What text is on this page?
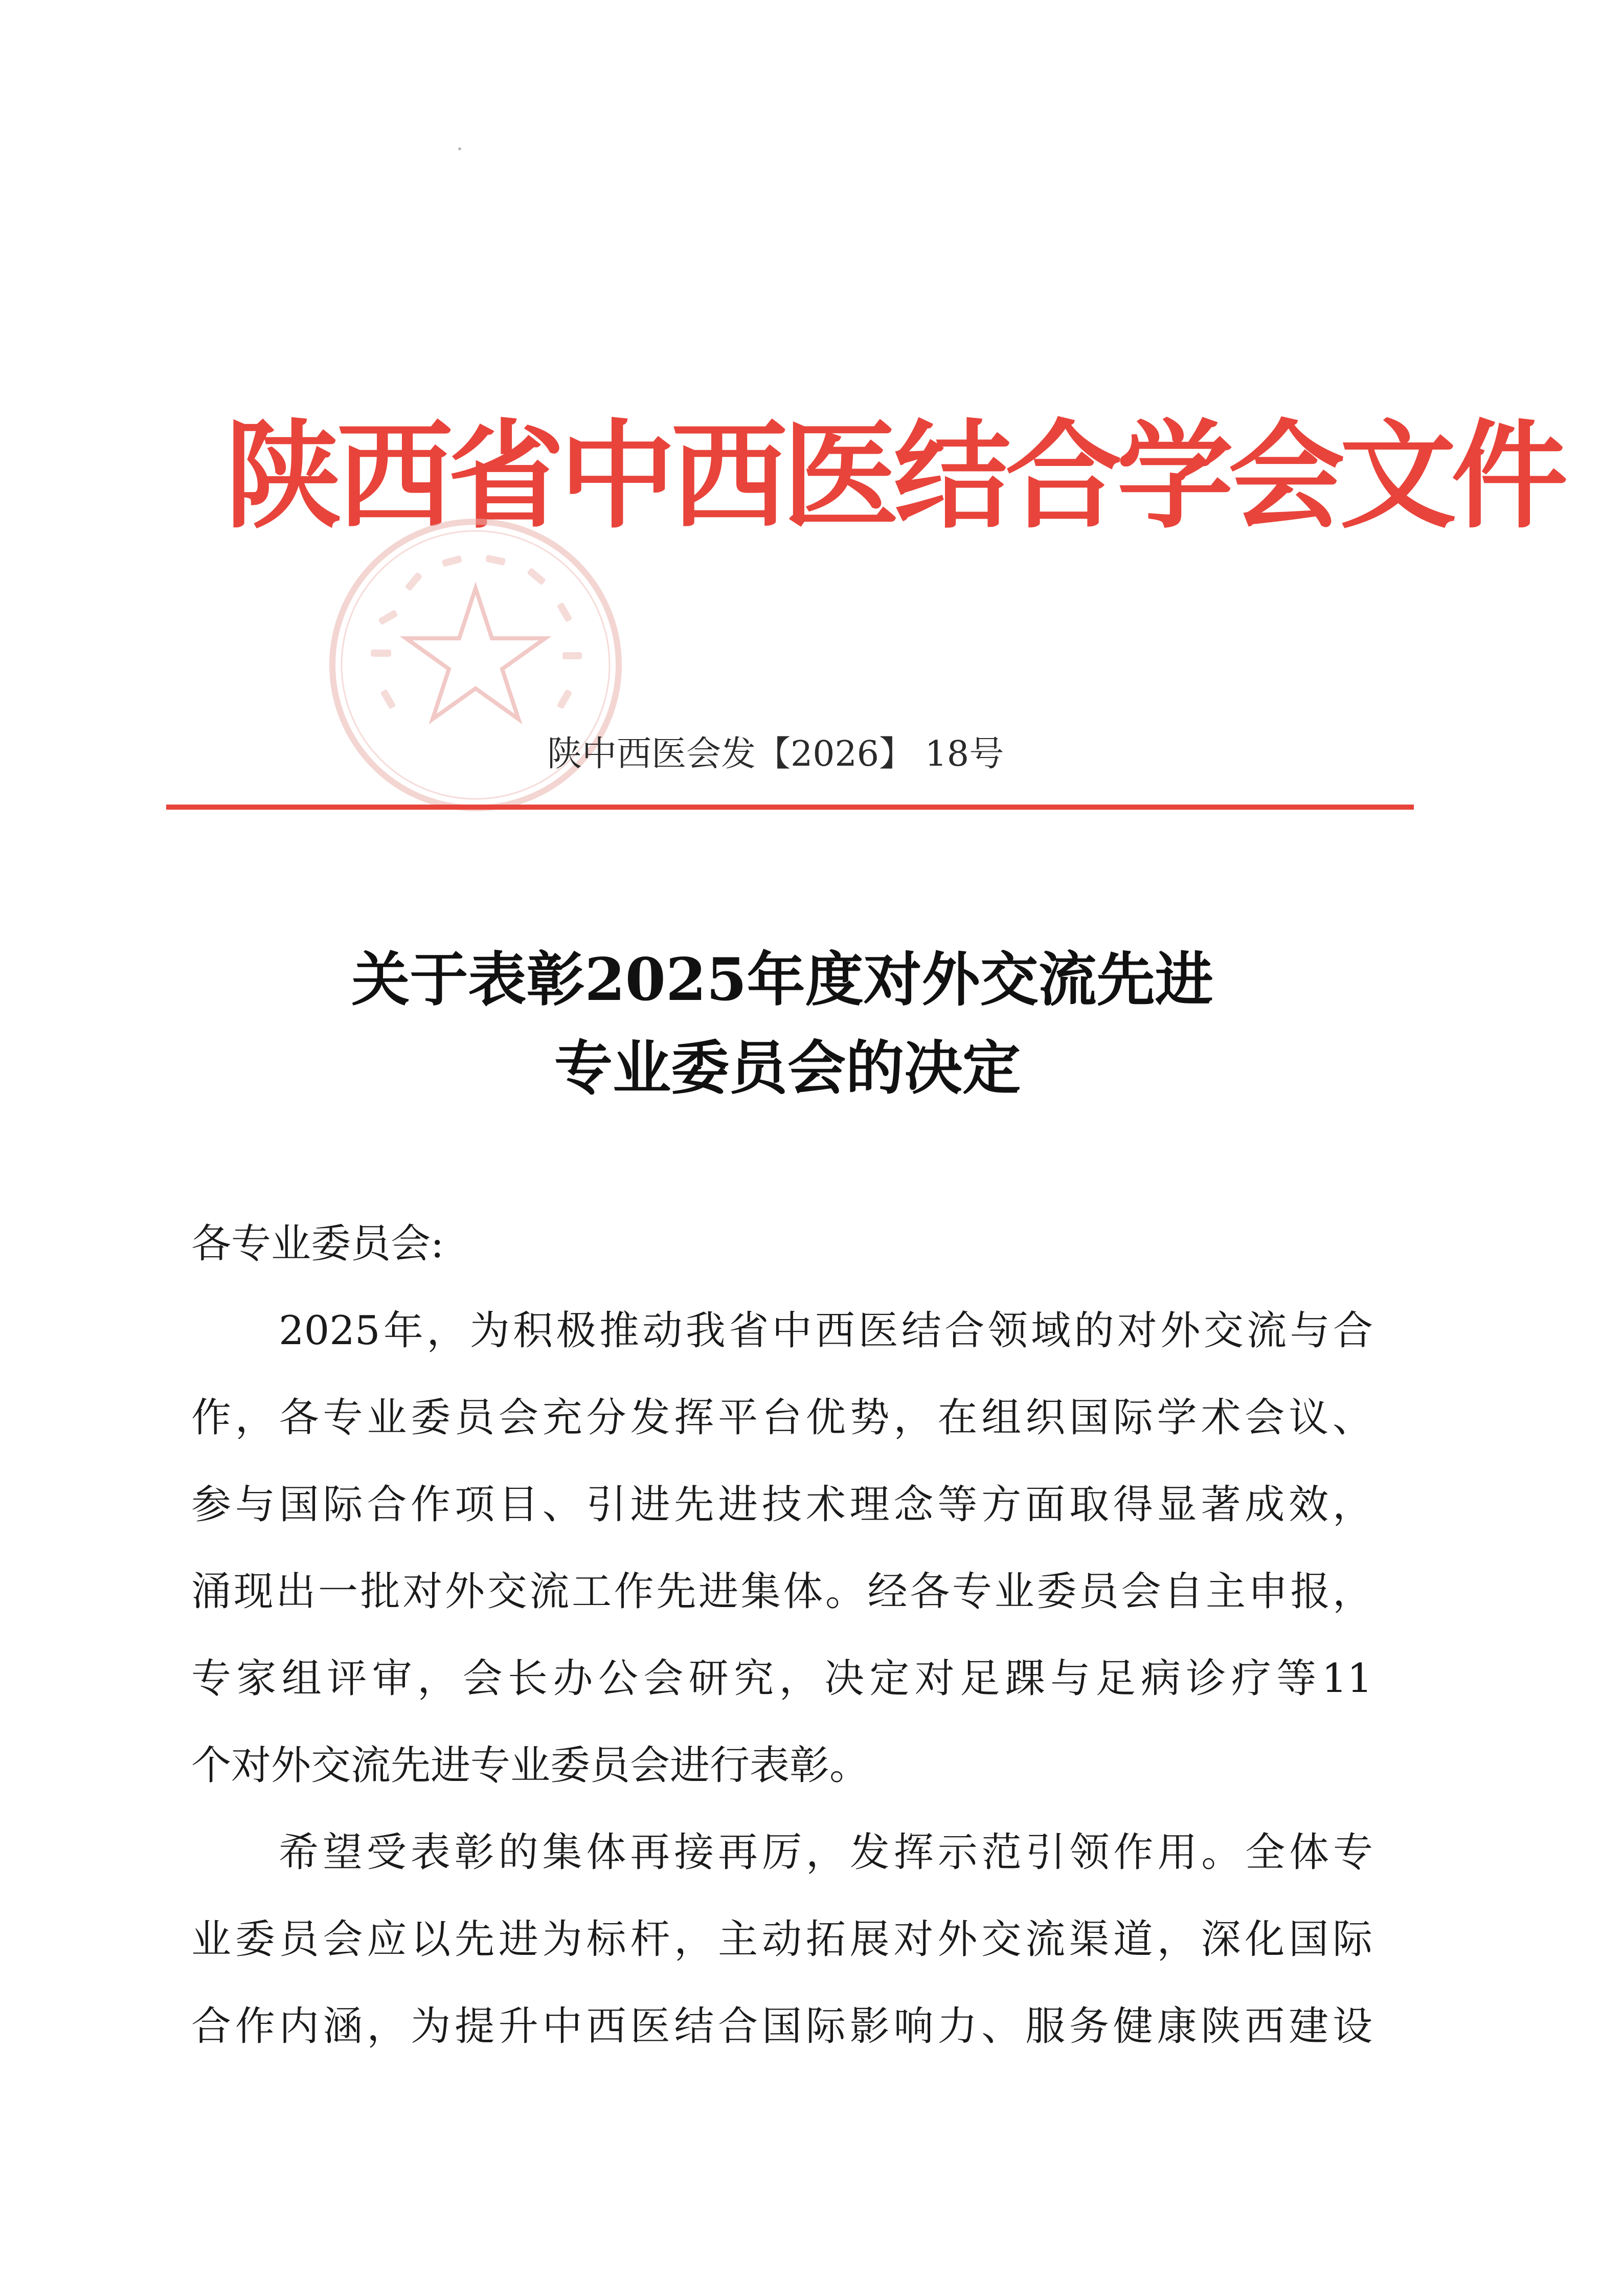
陕西省中西医结合学会文件
陕中西医会发【2026】 18号
关于表彰2025年度对外交流先进
专业委员会的决定
各专业委员会:
2025年，为积极推动我省中西医结合领域的对外交流与合
作，各专业委员会充分发挥平台优势，在组织国际学术会议、
参与国际合作项目、引进先进技术理念等方面取得显著成效，
涌现出一批对外交流工作先进集体。经各专业委员会自主申报，
专家组评审，会长办公会研究，决定对足踝与足病诊疗等11
个对外交流先进专业委员会进行表彰。
希望受表彰的集体再接再厉，发挥示范引领作用。全体专
业委员会应以先进为标杆，主动拓展对外交流渠道，深化国际
合作内涵，为提升中西医结合国际影响力、服务健康陕西建设
